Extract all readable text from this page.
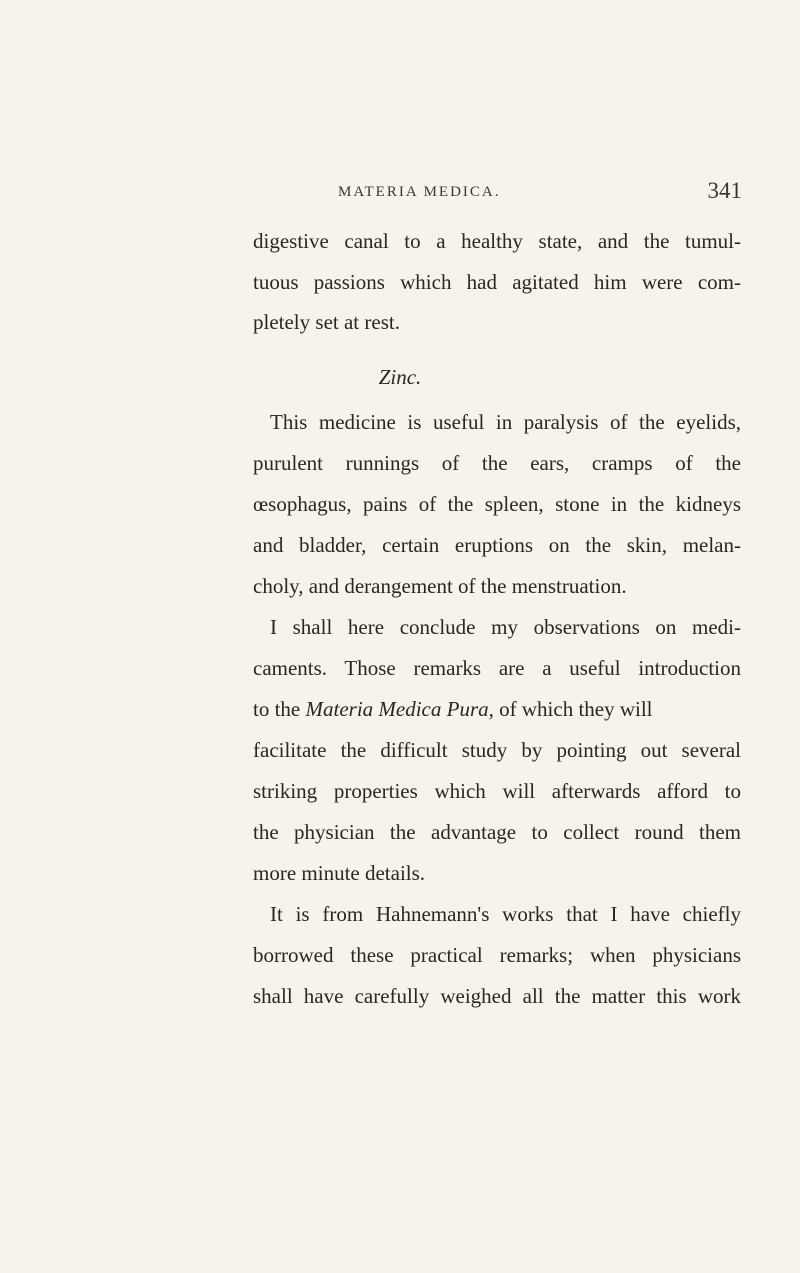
MATERIA MEDICA.	341
digestive canal to a healthy state, and the tumul-
tuous passions which had agitated him were com-
pletely set at rest.
Zinc.
This medicine is useful in paralysis of the eyelids,
purulent runnings of the ears, cramps of the
œsophagus, pains of the spleen, stone in the kidneys
and bladder, certain eruptions on the skin, melan-
choly, and derangement of the menstruation.
I shall here conclude my observations on medi-
caments. Those remarks are a useful introduction
to the Materia Medica Pura, of which they will
facilitate the difficult study by pointing out several
striking properties which will afterwards afford to
the physician the advantage to collect round them
more minute details.
It is from Hahnemann's works that I have chiefly
borrowed these practical remarks; when physicians
shall have carefully weighed all the matter this work
